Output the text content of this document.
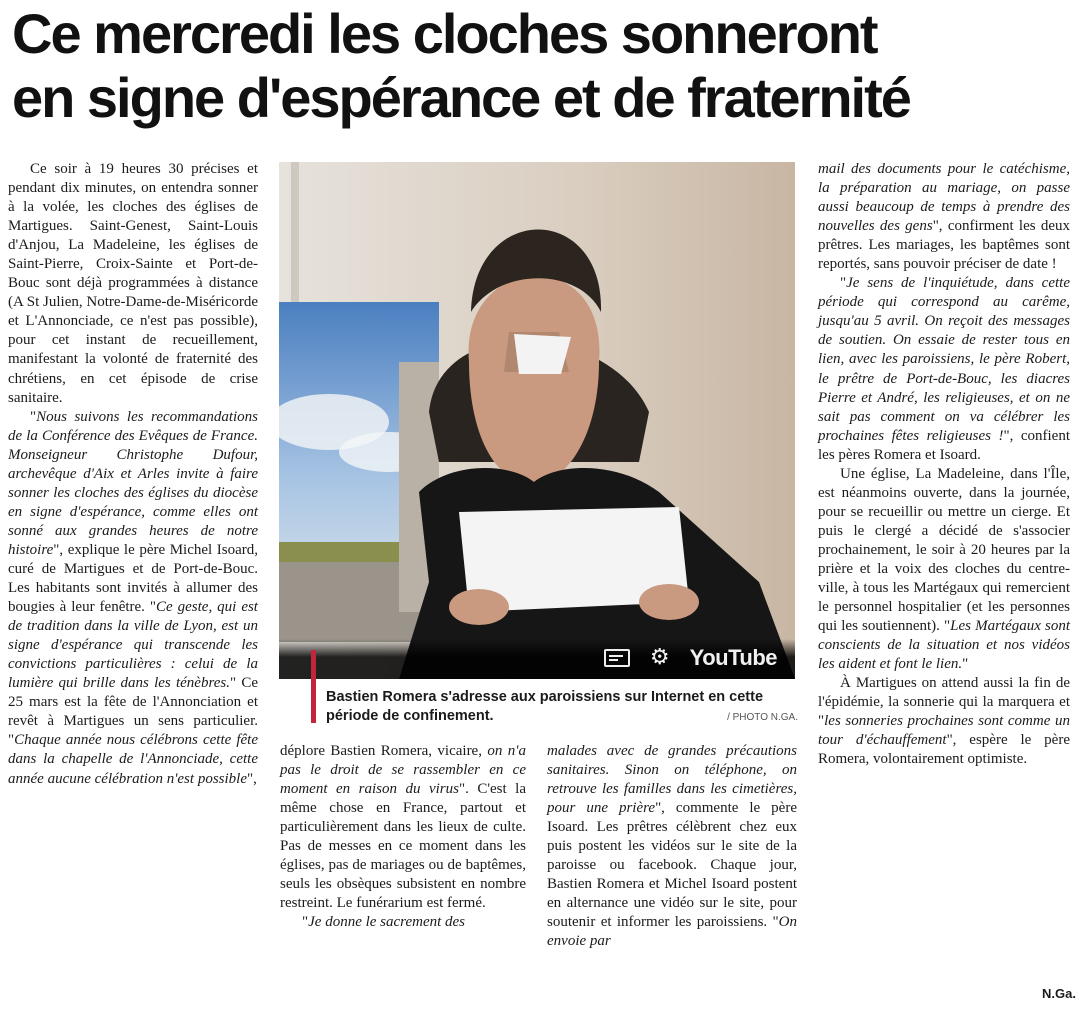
Ce mercredi les cloches sonneront
en signe d'espérance et de fraternité

Ce soir à 19 heures 30 précises et pendant dix minutes, on entendra sonner à la volée, les cloches des églises de Martigues. Saint-Genest, Saint-Louis d'Anjou, La Madeleine, les églises de Saint-Pierre, Croix-Sainte et Port-de-Bouc sont déjà programmées à distance (A St Julien, Notre-Dame-de-Miséricorde et L'Annonciade, ce n'est pas possible), pour cet instant de recueillement, manifestant la volonté de fraternité des chrétiens, en cet épisode de crise sanitaire.

"Nous suivons les recommandations de la Conférence des Evêques de France. Monseigneur Christophe Dufour, archevêque d'Aix et Arles invite à faire sonner les cloches des églises du diocèse en signe d'espérance, comme elles ont sonné aux grandes heures de notre histoire", explique le père Michel Isoard, curé de Martigues et de Port-de-Bouc. Les habitants sont invités à allumer des bougies à leur fenêtre. "Ce geste, qui est de tradition dans la ville de Lyon, est un signe d'espérance qui transcende les convictions particulières : celui de la lumière qui brille dans les ténèbres." Ce 25 mars est la fête de l'Annonciation et revêt à Martigues un sens particulier. "Chaque année nous célébrons cette fête dans la chapelle de l'Annonciade, cette année aucune célébration n'est possible",

⚙ YouTube
Bastien Romera s'adresse aux paroissiens sur Internet en cette période de confinement.	/ PHOTO N.GA.

déplore Bastien Romera, vicaire, on n'a pas le droit de se rassembler en ce moment en raison du virus". C'est la même chose en France, partout et particulièrement dans les lieux de culte. Pas de messes en ce moment dans les églises, pas de mariages ou de baptêmes, seuls les obsèques subsistent en nombre restreint. Le funérarium est fermé.

"Je donne le sacrement des

malades avec de grandes précautions sanitaires. Sinon on téléphone, on retrouve les familles dans les cimetières, pour une prière", commente le père Isoard. Les prêtres célèbrent chez eux puis postent les vidéos sur le site de la paroisse ou facebook. Chaque jour, Bastien Romera et Michel Isoard postent en alternance une vidéo sur le site, pour soutenir et informer les paroissiens. "On envoie par

mail des documents pour le catéchisme, la préparation au mariage, on passe aussi beaucoup de temps à prendre des nouvelles des gens", confirment les deux prêtres. Les mariages, les baptêmes sont reportés, sans pouvoir préciser de date !

"Je sens de l'inquiétude, dans cette période qui correspond au carême, jusqu'au 5 avril. On reçoit des messages de soutien. On essaie de rester tous en lien, avec les paroissiens, le père Robert, le prêtre de Port-de-Bouc, les diacres Pierre et André, les religieuses, et on ne sait pas comment on va célébrer les prochaines fêtes religieuses !", confient les pères Romera et Isoard.

Une église, La Madeleine, dans l'Île, est néanmoins ouverte, dans la journée, pour se recueillir ou mettre un cierge. Et puis le clergé a décidé de s'associer prochainement, le soir à 20 heures par la prière et la voix des cloches du centre-ville, à tous les Martégaux qui remercient le personnel hospitalier (et les personnes qui les soutiennent). "Les Martégaux sont conscients de la situation et nos vidéos les aident et font le lien."

À Martigues on attend aussi la fin de l'épidémie, la sonnerie qui la marquera et "les sonneries prochaines sont comme un tour d'échauffement", espère le père Romera, volontairement optimiste.

N.Ga.
